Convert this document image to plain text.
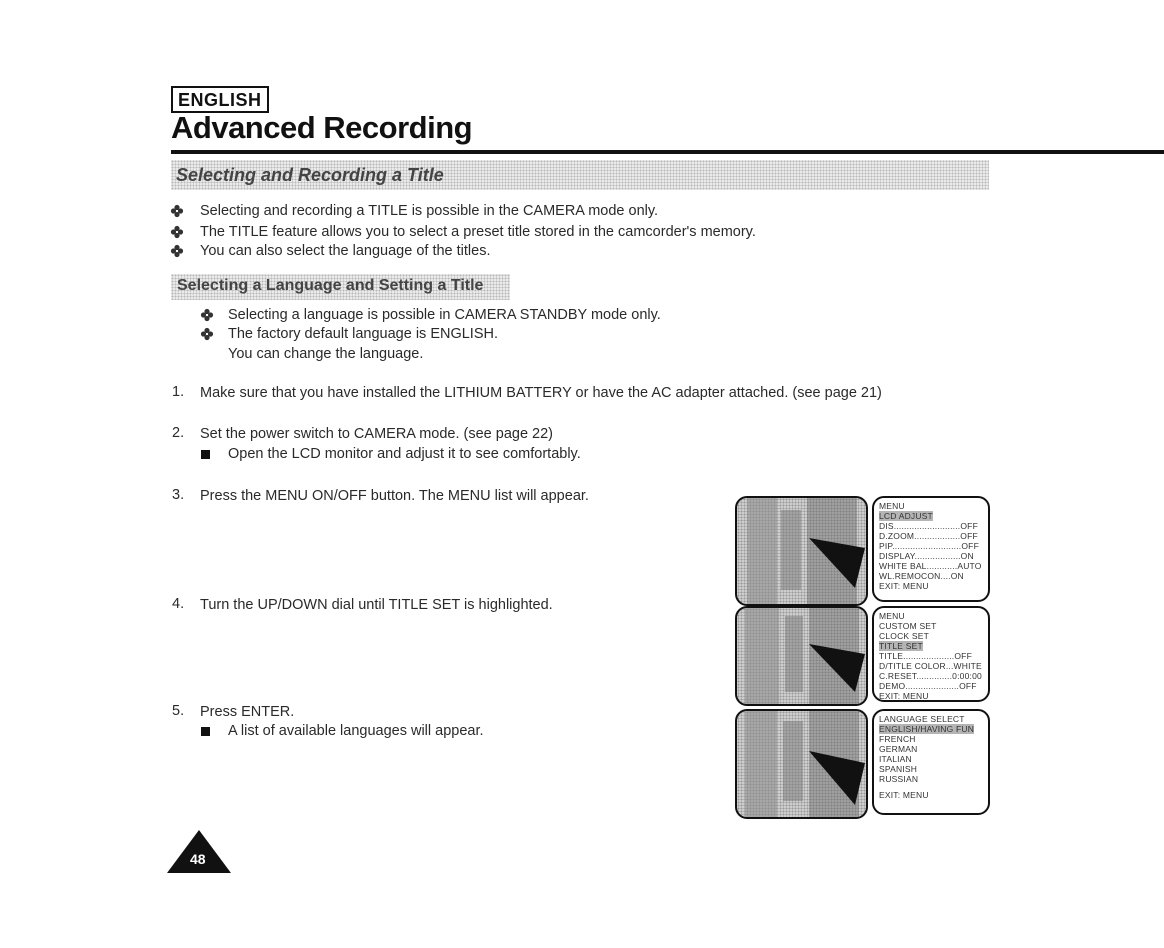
ENGLISH
Advanced Recording
Selecting and Recording a Title
Selecting and recording a TITLE is possible in the CAMERA mode only.
The TITLE feature allows you to select a preset title stored in the camcorder's memory.
You can also select the language of the titles.
Selecting a Language and Setting a Title
Selecting a language is possible in CAMERA STANDBY mode only.
The factory default language is ENGLISH.
You can change the language.
1. Make sure that you have installed the LITHIUM BATTERY or have the AC adapter attached. (see page 21)
2. Set the power switch to CAMERA mode. (see page 22)
Open the LCD monitor and adjust it to see comfortably.
3. Press the MENU ON/OFF button. The MENU list will appear.
4. Turn the UP/DOWN dial until TITLE SET is highlighted.
5. Press ENTER.
A list of available languages will appear.
MENU
LCD ADJUST
DIS..........................OFF
D.ZOOM..................OFF
PIP...........................OFF
DISPLAY..................ON
WHITE BAL............AUTO
WL.REMOCON....ON
EXIT: MENU
MENU
CUSTOM SET
CLOCK SET
TITLE SET
TITLE....................OFF
D/TITLE COLOR...WHITE
C.RESET..............0:00:00
DEMO.....................OFF
EXIT: MENU
LANGUAGE SELECT
ENGLISH/HAVING FUN
FRENCH
GERMAN
ITALIAN
SPANISH
RUSSIAN
EXIT: MENU
48
